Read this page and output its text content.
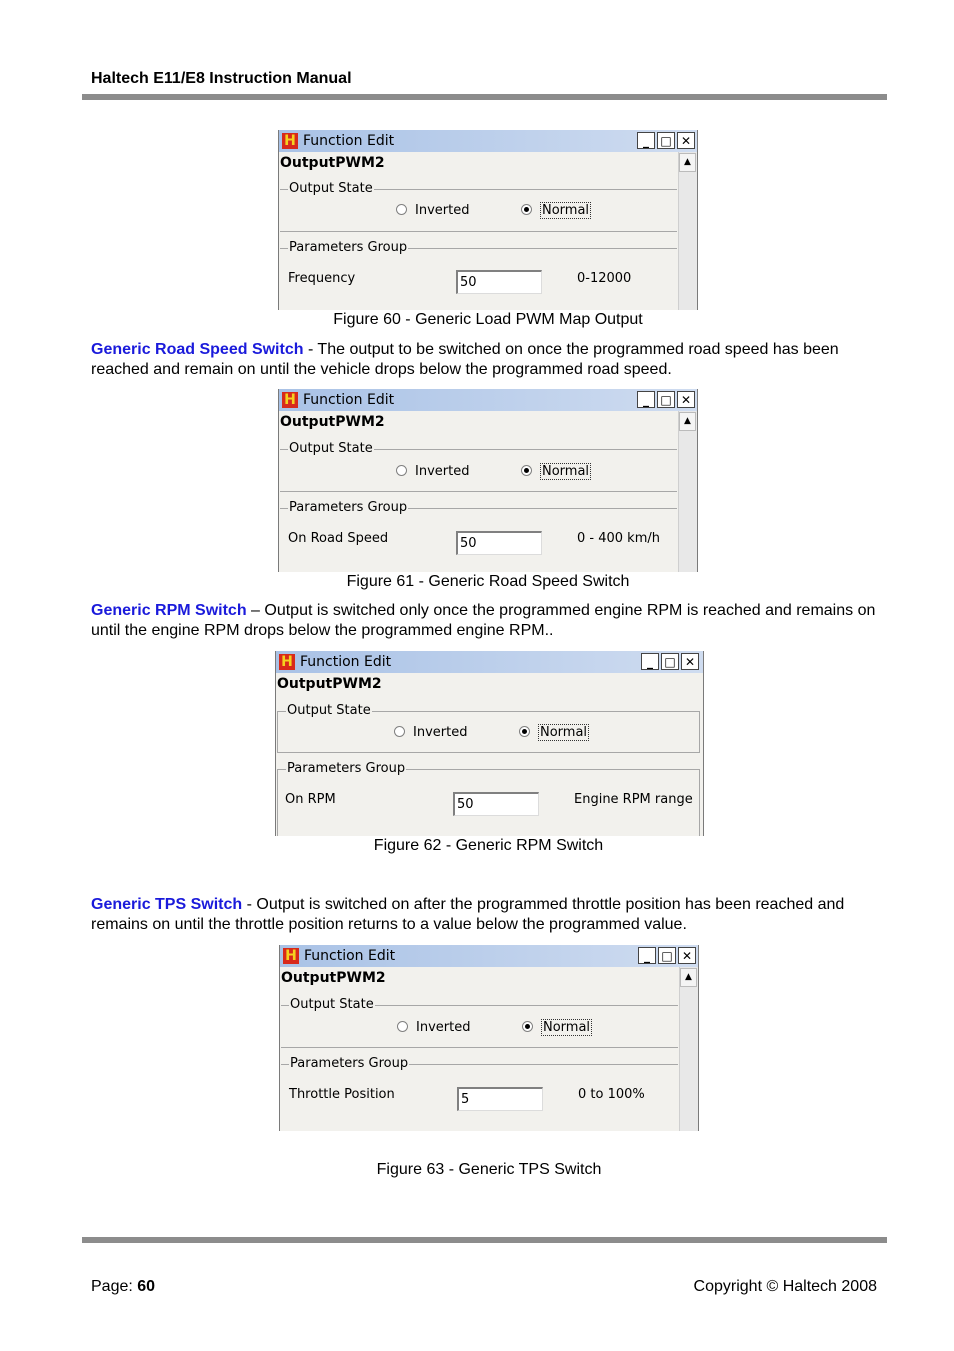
Haltech E11/E8 Instruction Manual
H Function Edit	_ □ ✕
OutputPWM2
Output State
Inverted	Normal
Parameters Group
Frequency	50	0-12000
▲
Figure 60 - Generic Load PWM Map Output
Generic Road Speed Switch - The output to be switched on once the programmed road speed has been reached and remain on until the vehicle drops below the programmed road speed.
H Function Edit	_ □ ✕
OutputPWM2
Output State
Inverted	Normal
Parameters Group
On Road Speed	50	0 - 400 km/h
▲
Figure 61 - Generic Road Speed Switch
Generic RPM Switch – Output is switched only once the programmed engine RPM is reached and remains on until the engine RPM drops below the programmed engine RPM..
H Function Edit	_ □ ✕
OutputPWM2
Output State
Inverted	Normal
Parameters Group
On RPM	50	Engine RPM range
Figure 62 - Generic RPM Switch
Generic TPS Switch - Output is switched on after the programmed throttle position has been reached and remains on until the throttle position returns to a value below the programmed value.
H Function Edit	_ □ ✕
OutputPWM2
Output State
Inverted	Normal
Parameters Group
Throttle Position	5	0 to 100%
▲
Figure 63 - Generic TPS Switch
Page: 60	Copyright © Haltech 2008
